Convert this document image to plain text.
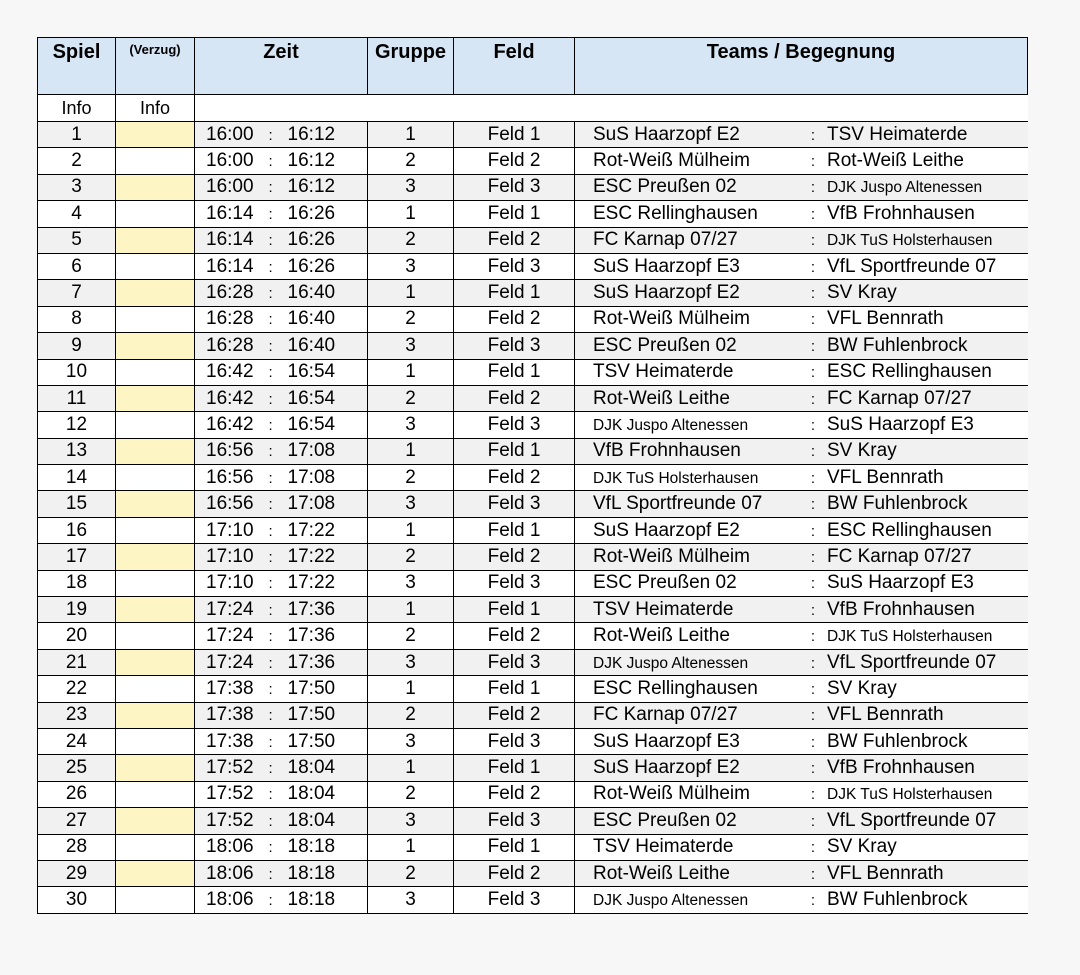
Spiel	(Verzug)	Zeit	Gruppe	Feld	Teams / Begegnung
Info	Info				
1		16:00 : 16:12	1	Feld 1	SuS Haarzopf E2 : TSV Heimaterde
2		16:00 : 16:12	2	Feld 2	Rot-Weiß Mülheim : Rot-Weiß Leithe
3		16:00 : 16:12	3	Feld 3	ESC Preußen 02 : DJK Juspo Altenessen
4		16:14 : 16:26	1	Feld 1	ESC Rellinghausen : VfB Frohnhausen
5		16:14 : 16:26	2	Feld 2	FC Karnap 07/27 : DJK TuS Holsterhausen
6		16:14 : 16:26	3	Feld 3	SuS Haarzopf E3 : VfL Sportfreunde 07
7		16:28 : 16:40	1	Feld 1	SuS Haarzopf E2 : SV Kray
8		16:28 : 16:40	2	Feld 2	Rot-Weiß Mülheim : VFL Bennrath
9		16:28 : 16:40	3	Feld 3	ESC Preußen 02 : BW Fuhlenbrock
10		16:42 : 16:54	1	Feld 1	TSV Heimaterde : ESC Rellinghausen
11		16:42 : 16:54	2	Feld 2	Rot-Weiß Leithe : FC Karnap 07/27
12		16:42 : 16:54	3	Feld 3	DJK Juspo Altenessen : SuS Haarzopf E3
13		16:56 : 17:08	1	Feld 1	VfB Frohnhausen : SV Kray
14		16:56 : 17:08	2	Feld 2	DJK TuS Holsterhausen : VFL Bennrath
15		16:56 : 17:08	3	Feld 3	VfL Sportfreunde 07 : BW Fuhlenbrock
16		17:10 : 17:22	1	Feld 1	SuS Haarzopf E2 : ESC Rellinghausen
17		17:10 : 17:22	2	Feld 2	Rot-Weiß Mülheim : FC Karnap 07/27
18		17:10 : 17:22	3	Feld 3	ESC Preußen 02 : SuS Haarzopf E3
19		17:24 : 17:36	1	Feld 1	TSV Heimaterde : VfB Frohnhausen
20		17:24 : 17:36	2	Feld 2	Rot-Weiß Leithe : DJK TuS Holsterhausen
21		17:24 : 17:36	3	Feld 3	DJK Juspo Altenessen : VfL Sportfreunde 07
22		17:38 : 17:50	1	Feld 1	ESC Rellinghausen : SV Kray
23		17:38 : 17:50	2	Feld 2	FC Karnap 07/27 : VFL Bennrath
24		17:38 : 17:50	3	Feld 3	SuS Haarzopf E3 : BW Fuhlenbrock
25		17:52 : 18:04	1	Feld 1	SuS Haarzopf E2 : VfB Frohnhausen
26		17:52 : 18:04	2	Feld 2	Rot-Weiß Mülheim : DJK TuS Holsterhausen
27		17:52 : 18:04	3	Feld 3	ESC Preußen 02 : VfL Sportfreunde 07
28		18:06 : 18:18	1	Feld 1	TSV Heimaterde : SV Kray
29		18:06 : 18:18	2	Feld 2	Rot-Weiß Leithe : VFL Bennrath
30		18:06 : 18:18	3	Feld 3	DJK Juspo Altenessen : BW Fuhlenbrock
